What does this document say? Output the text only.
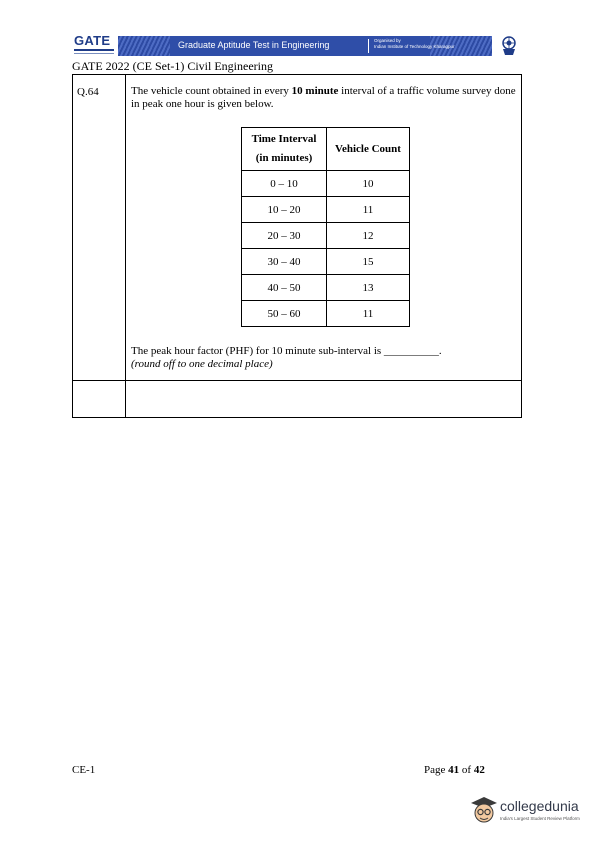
GATE	Graduate Aptitude Test in Engineering	Organised by
Indian Institute of Technology Kharagpur
GATE 2022 (CE Set-1) Civil Engineering
Q.64	The vehicle count obtained in every 10 minute interval of a traffic volume survey done in peak one hour is given below.
Time Interval
(in minutes)	Vehicle Count
0 – 10	10
10 – 20	11
20 – 30	12
30 – 40	15
40 – 50	13
50 – 60	11
The peak hour factor (PHF) for 10 minute sub-interval is __________.
(round off to one decimal place)
CE-1	Page 41 of 42
collegedunia
India's Largest Student Review Platform
